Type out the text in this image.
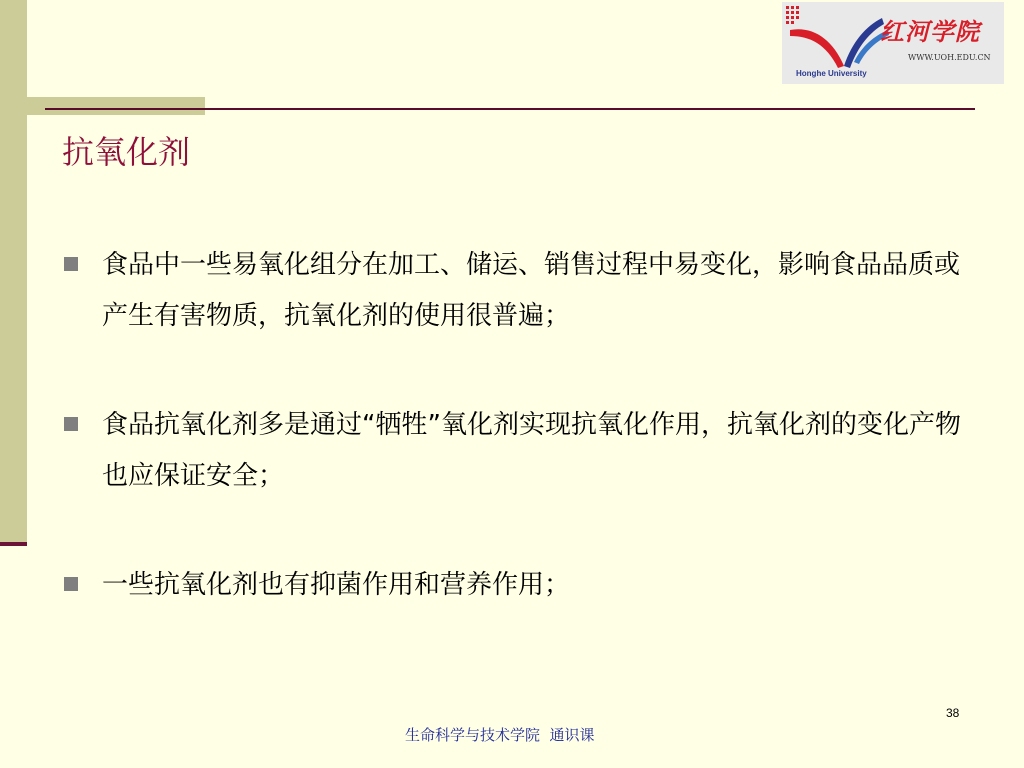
红河学院
WWW.UOH.EDU.CN
Honghe University
抗氧化剂
食品中一些易氧化组分在加工、储运、销售过程中易变化，影响食品品质或产生有害物质，抗氧化剂的使用很普遍；
食品抗氧化剂多是通过“牺牲”氧化剂实现抗氧化作用，抗氧化剂的变化产物也应保证安全；
一些抗氧化剂也有抑菌作用和营养作用；
生命科学与技术学院  通识课
38
